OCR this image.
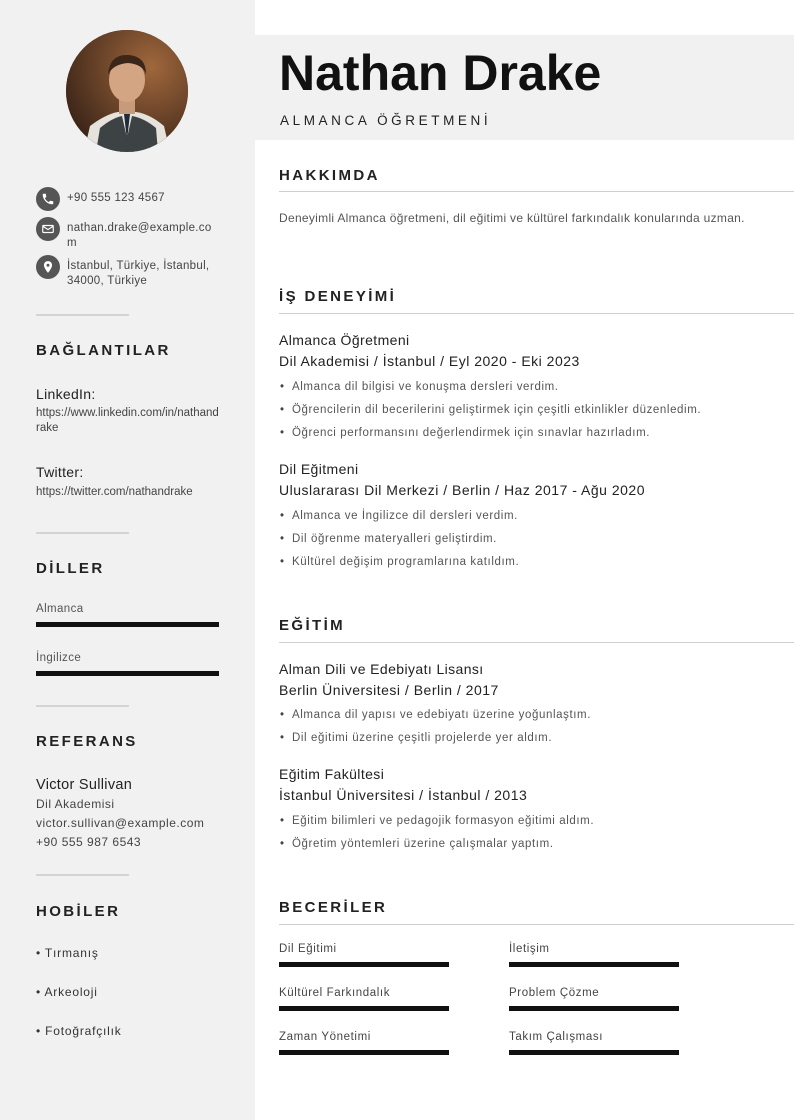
+90 555 123 4567
nathan.drake@example.com
İstanbul, Türkiye, İstanbul, 34000, Türkiye
BAĞLANTILAR
LinkedIn:
https://www.linkedin.com/in/nathandrake
Twitter:
https://twitter.com/nathandrake
DİLLER
Almanca
İngilizce
REFERANS
Victor Sullivan
Dil Akademisi
victor.sullivan@example.com
+90 555 987 6543
HOBİLER
• Tırmanış
• Arkeoloji
• Fotoğrafçılık
Nathan Drake
ALMANCA ÖĞRETMENİ
HAKKIMDA
Deneyimli Almanca öğretmeni, dil eğitimi ve kültürel farkındalık konularında uzman.
İŞ DENEYİMİ
Almanca Öğretmeni
Dil Akademisi / İstanbul / Eyl 2020 - Eki 2023
• Almanca dil bilgisi ve konuşma dersleri verdim.
• Öğrencilerin dil becerilerini geliştirmek için çeşitli etkinlikler düzenledim.
• Öğrenci performansını değerlendirmek için sınavlar hazırladım.
Dil Eğitmeni
Uluslararası Dil Merkezi / Berlin / Haz 2017 - Ağu 2020
• Almanca ve İngilizce dil dersleri verdim.
• Dil öğrenme materyalleri geliştirdim.
• Kültürel değişim programlarına katıldım.
EĞİTİM
Alman Dili ve Edebiyatı Lisansı
Berlin Üniversitesi / Berlin / 2017
• Almanca dil yapısı ve edebiyatı üzerine yoğunlaştım.
• Dil eğitimi üzerine çeşitli projelerde yer aldım.
Eğitim Fakültesi
İstanbul Üniversitesi / İstanbul / 2013
• Eğitim bilimleri ve pedagojik formasyon eğitimi aldım.
• Öğretim yöntemleri üzerine çalışmalar yaptım.
BECERİLER
Dil Eğitimi	İletişim
Kültürel Farkındalık	Problem Çözme
Zaman Yönetimi	Takım Çalışması
